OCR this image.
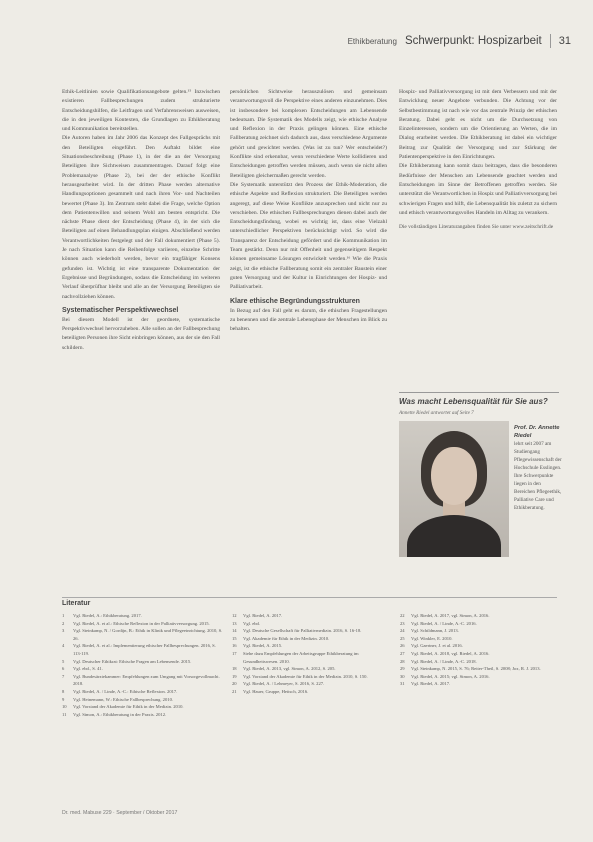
Ethikberatung Schwerpunkt: Hospizarbeit 31

Ethik-Leitlinien sowie Qualifikationsangebote gelten.¹⁵ Inzwischen existieren Fallbesprechungen zudem strukturierte Entscheidungshilfen, die Leitfragen und Verfahrensweisen ausweisen, die in den jeweiligen Kontexten, die Grundlagen zu Ethikberatung und Kommunikation bereitstellen.

Die Autoren haben im Jahr 2006 das Konzept des Fallgesprächs mit den Beteiligten eingeführt. Den Auftakt bildet eine Situationsbeschreibung (Phase 1), in der die an der Versorgung Beteiligten ihre Sichtweisen zusammentragen. Darauf folgt eine Problemanalyse (Phase 2), bei der der ethische Konflikt herausgearbeitet wird. In der dritten Phase werden alternative Handlungsoptionen gesammelt und nach ihren Vor- und Nachteilen bewertet (Phase 3). Im Zentrum steht dabei die Frage, welche Option dem Patientenwillen und seinem Wohl am besten entspricht. Die nächste Phase dient der Entscheidung (Phase 4), in der sich die Beteiligten auf einen Behandlungsplan einigen. Abschließend werden Verantwortlichkeiten festgelegt und der Fall dokumentiert (Phase 5). Je nach Situation kann die Reihenfolge variieren, einzelne Schritte können auch wiederholt werden, bevor ein tragfähiger Konsens gefunden ist. Wichtig ist eine transparente Dokumentation der Ergebnisse und Begründungen, sodass die Entscheidung im weiteren Verlauf überprüfbar bleibt und alle an der Versorgung Beteiligten sie nachvollziehen können.

Systematischer Perspektivwechsel

Bei diesem Modell ist der geordnete, systematische Perspektivwechsel hervorzuheben. Alle sollen an der Fallbesprechung beteiligten Personen ihre Sicht einbringen können, aus der sie den Fall schildern.

persönlichen Sichtweise herauszulösen und gemeinsam verantwortungsvoll die Perspektive eines anderen einzunehmen. Dies ist insbesondere bei komplexen Entscheidungen am Lebensende bedeutsam. Die Systematik des Modells zeigt, wie ethische Analyse und Reflexion in der Praxis gelingen können. Eine ethische Fallberatung zeichnet sich dadurch aus, dass verschiedene Argumente gehört und gewichtet werden. (Was ist zu tun? Wer entscheidet?) Konflikte sind erkennbar, wenn verschiedene Werte kollidieren und Entscheidungen getroffen werden müssen, auch wenn sie nicht allen Beteiligten gleichermaßen gerecht werden.

Die Systematik unterstützt den Prozess der Ethik-Moderation, die ethische Aspekte und Reflexion strukturiert. Die Beteiligten werden angeregt, auf diese Weise Konflikte anzusprechen und nicht nur zu verschieben. Die ethischen Fallbesprechungen dienen dabei auch der Entscheidungsfindung, wobei es wichtig ist, dass eine Vielzahl unterschiedlicher Perspektiven berücksichtigt wird. So wird die Transparenz der Entscheidung gefördert und die Kommunikation im Team gestärkt. Denn nur mit Offenheit und gegenseitigem Respekt können gemeinsame Lösungen entwickelt werden.¹⁶ Wie die Praxis zeigt, ist die ethische Fallberatung somit ein zentraler Baustein einer guten Versorgung und der Kultur in Einrichtungen der Hospiz- und Palliativarbeit.

Klare ethische Begründungsstrukturen

In Bezug auf den Fall geht es darum, die ethischen Fragestellungen zu benennen und die zentrale Lebensphase der Menschen im Blick zu behalten.

Hospiz- und Palliativversorgung ist mit dem Verbessern und mit der Entwicklung neuer Angebote verbunden. Die Achtung vor der Selbstbestimmung ist nach wie vor das zentrale Prinzip der ethischen Beratung. Dabei geht es nicht um die Durchsetzung von Einzelinteressen, sondern um die Orientierung an Werten, die im Dialog erarbeitet werden. Die Ethikberatung ist dabei ein wichtiger Beitrag zur Qualität der Versorgung und zur Stärkung der Patientenperspektive in den Einrichtungen.

Die Ethikberatung kann somit dazu beitragen, dass die besonderen Bedürfnisse der Menschen am Lebensende geachtet werden und Entscheidungen im Sinne der Betroffenen getroffen werden. Sie unterstützt die Verantwortlichen in Hospiz und Palliativversorgung bei schwierigen Fragen und hilft, die Lebensqualität bis zuletzt zu sichern und ethisch verantwortungsvolles Handeln im Alltag zu verankern.

Die vollständigen Literaturangaben finden Sie unter www.zeitschrift.de

Was macht Lebensqualität für Sie aus?
Annette Riedel antwortet auf Seite 7
Prof. Dr. Annette Riedel
lehrt seit 2007 am Studiengang Pflegewissenschaft der Hochschule Esslingen. Ihre Schwerpunkte liegen in den Bereichen Pflegeethik, Palliative Care und Ethikberatung.
Literatur
1	Vgl. Riedel, A.: Ethikberatung. 2017.
2	Vgl. Riedel, A. et al.: Ethische Reflexion in der Palliativversorgung. 2015.
3	Vgl. Steinkamp, N. / Gordijn, B.: Ethik in Klinik und Pflegeeinrichtung. 2010, S. 26.
4	Vgl. Riedel, A. et al.: Implementierung ethischer Fallbesprechungen. 2016, S. 113-119.
5	Vgl. Deutscher Ethikrat: Ethische Fragen am Lebensende. 2015.
6	Vgl. ebd., S. 41.
7	Vgl. Bundesärztekammer: Empfehlungen zum Umgang mit Vorsorgevollmacht. 2018.
8	Vgl. Riedel, A. / Linde, A.-C.: Ethische Reflexion. 2017.
9	Vgl. Heinemann, W.: Ethische Fallbesprechung. 2010.
10	Vgl. Vorstand der Akademie für Ethik in der Medizin. 2010.
11	Vgl. Simon, A.: Ethikberatung in der Praxis. 2012.
12	Vgl. Riedel, A. 2017.
13	Vgl. ebd.
14	Vgl. Deutsche Gesellschaft für Palliativmedizin. 2016, S. 16-18.
15	Vgl. Akademie für Ethik in der Medizin. 2010.
16	Vgl. Riedel, A. 2015.
17	Siehe dazu Empfehlungen der Arbeitsgruppe Ethikberatung im Gesundheitswesen. 2010.
18	Vgl. Riedel, A. 2013, vgl. Simon, A. 2012, S. 205.
19	Vgl. Vorstand der Akademie für Ethik in der Medizin. 2010, S. 150.
20	Vgl. Riedel, A. / Lehmeyer, S. 2016, S. 227.
21	Vgl. Hauer, Gruppe, Heitsch, 2016.
22	Vgl. Riedel, A. 2017, vgl. Simon, A. 2016.
23	Vgl. Riedel, A. / Linde, A.-C. 2016.
24	Vgl. Schildmann, J. 2013.
25	Vgl. Winkler, E. 2010.
26	Vgl. Gaertner, J. et al. 2016.
27	Vgl. Riedel, A. 2018, vgl. Riedel, A. 2016.
28	Vgl. Riedel, A. / Linde, A.-C. 2018.
29	Vgl. Steinkamp, N. 2015, S. 76; Reiter-Theil, S. 2008; Jox, R. J. 2013.
30	Vgl. Riedel, A. 2015; vgl. Simon, A. 2016.
31	Vgl. Riedel, A. 2017.
Dr. med. Mabuse 229 · September / Oktober 2017
